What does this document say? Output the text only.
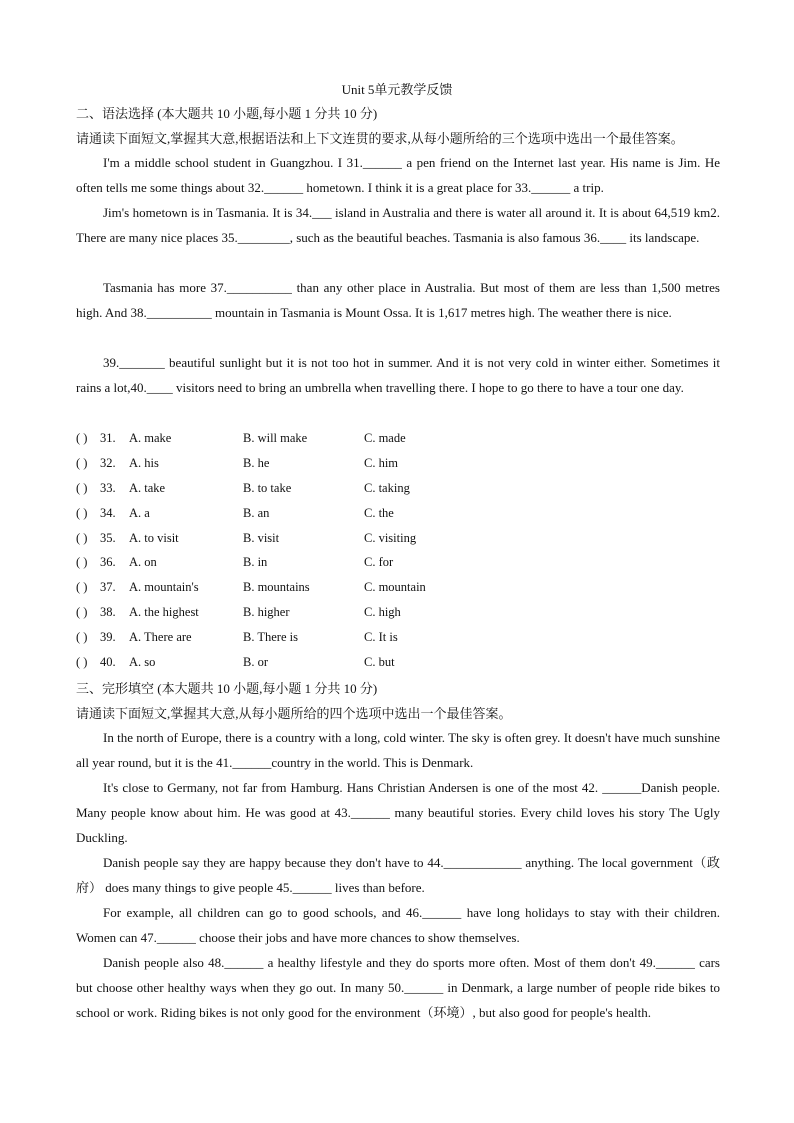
Unit 5单元教学反馈
二、语法选择 (本大题共 10 小题,每小题 1 分共 10 分)
请通读下面短文,掌握其大意,根据语法和上下文连贯的要求,从每小题所给的三个选项中选出一个最佳答案。

I'm a middle school student in Guangzhou. I 31.______ a pen friend on the Internet last year. His name is Jim. He often tells me some things about 32.______ hometown. I think it is a great place for 33.______ a trip.

Jim's hometown is in Tasmania. It is 34.___ island in Australia and there is water all around it. It is about 64,519 km2. There are many nice places 35.________, such as the beautiful beaches. Tasmania is also famous 36.____ its landscape.

Tasmania has more 37.__________ than any other place in Australia. But most of them are less than 1,500 metres high. And 38.__________ mountain in Tasmania is Mount Ossa. It is 1,617 metres high. The weather there is nice.

39._______ beautiful sunlight but it is not too hot in summer. And it is not very cold in winter either. Sometimes it rains a lot,40.____ visitors need to bring an umbrella when travelling there. I hope to go there to have a tour one day.

( ) 31. A. make	B. will make	C. made
( ) 32. A. his	B. he	C. him
( ) 33. A. take	B. to take	C. taking
( ) 34. A. a	B. an	C. the
( ) 35. A. to visit	B. visit	C. visiting
( ) 36. A. on	B. in	C. for
( ) 37. A. mountain's	B. mountains	C. mountain
( ) 38. A. the highest	B. higher	C. high
( ) 39. A. There are	B. There is	C. It is
( ) 40. A. so	B. or	C. but
三、完形填空 (本大题共 10 小题,每小题 1 分共 10 分)
请通读下面短文,掌握其大意,从每小题所给的四个选项中选出一个最佳答案。

In the north of Europe, there is a country with a long, cold winter. The sky is often grey. It doesn't have much sunshine all year round, but it is the 41.______country in the world. This is Denmark.

It's close to Germany, not far from Hamburg. Hans Christian Andersen is one of the most 42. ______Danish people. Many people know about him. He was good at 43.______ many beautiful stories. Every child loves his story The Ugly Duckling.

Danish people say they are happy because they don't have to 44.____________ anything. The local government（政府） does many things to give people 45.______ lives than before.

For example, all children can go to good schools, and 46.______ have long holidays to stay with their children. Women can 47.______ choose their jobs and have more chances to show themselves.

Danish people also 48.______ a healthy lifestyle and they do sports more often. Most of them don't 49.______ cars but choose other healthy ways when they go out. In many 50.______ in Denmark, a large number of people ride bikes to school or work. Riding bikes is not only good for the environment（环境）, but also good for people's health.
